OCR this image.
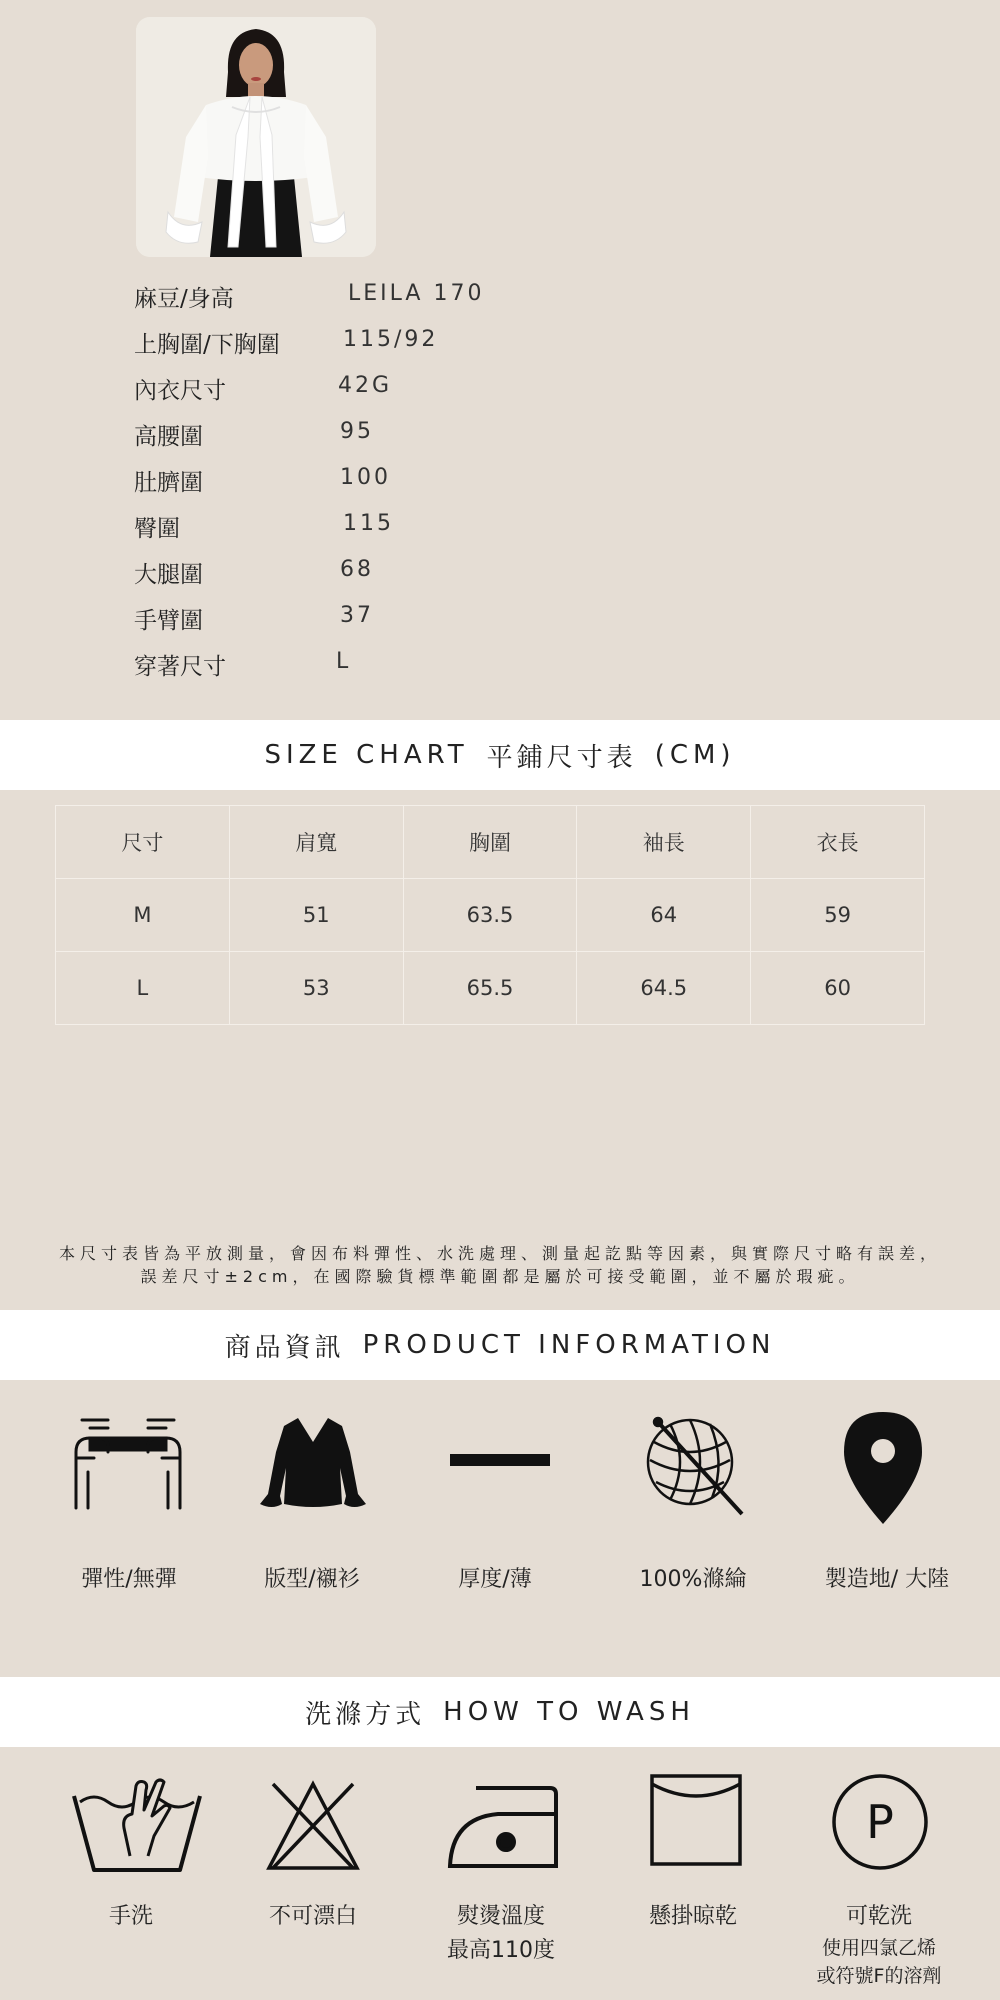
麻豆/身高	LEILA 170
上胸圍/下胸圍	115/92
內衣尺寸	42G
高腰圍	95
肚臍圍	100
臀圍	115
大腿圍	68
手臂圍	37
穿著尺寸	L
SIZE CHART 平鋪尺寸表 (CM)
尺寸	肩寬	胸圍	袖長	衣長
M	51	63.5	64	59
L	53	65.5	64.5	60
本尺寸表皆為平放測量，會因布料彈性、水洗處理、測量起訖點等因素，與實際尺寸略有誤差，
誤差尺寸±2cm，在國際驗貨標準範圍都是屬於可接受範圍，並不屬於瑕疵。
商品資訊 PRODUCT INFORMATION
彈性/無彈	版型/襯衫	厚度/薄	100%滌綸	製造地/ 大陸
洗滌方式 HOW TO WASH
P
手洗	不可漂白	熨燙溫度
最高110度
懸掛晾乾	可乾洗
使用四氯乙烯
或符號F的溶劑
